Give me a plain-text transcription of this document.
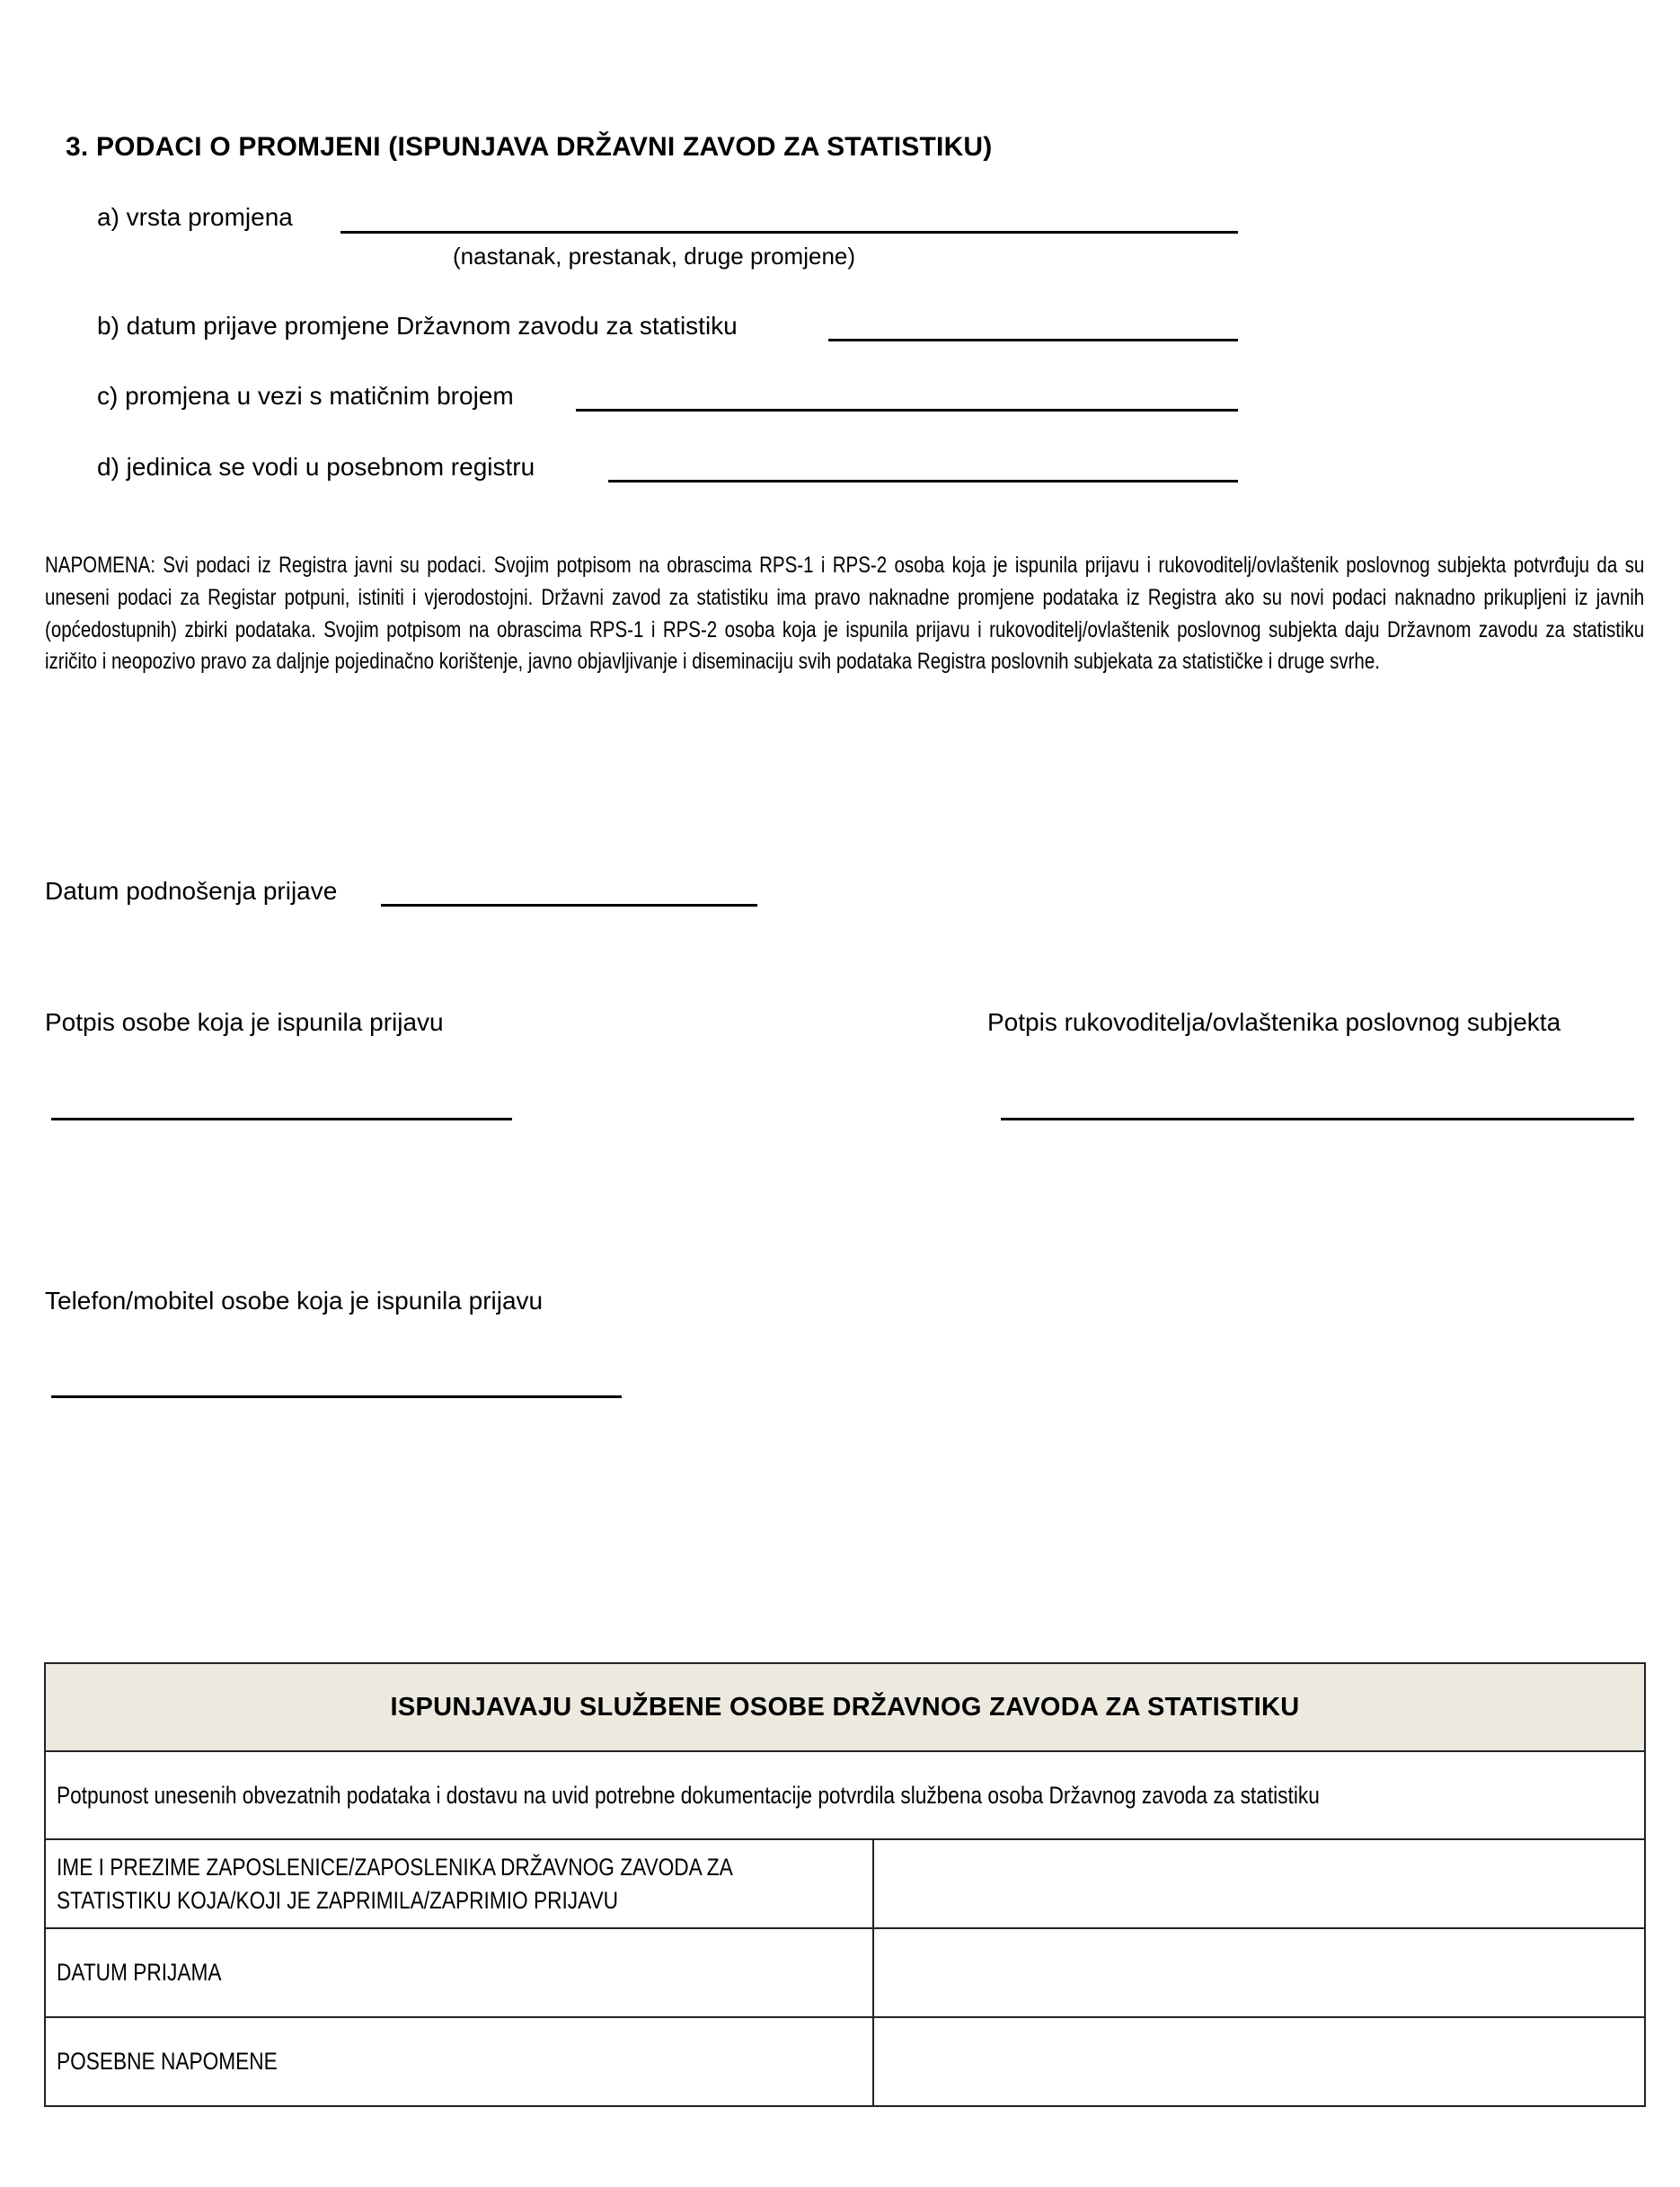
3. PODACI O PROMJENI (ISPUNJAVA DRŽAVNI ZAVOD ZA STATISTIKU)
a) vrsta promjena
(nastanak, prestanak, druge promjene)
b) datum prijave promjene Državnom zavodu za statistiku
c) promjena u vezi s matičnim brojem
d) jedinica se vodi u posebnom registru
NAPOMENA: Svi podaci iz Registra javni su podaci. Svojim potpisom na obrascima RPS-1 i RPS-2 osoba koja je ispunila prijavu i rukovoditelj/ovlaštenik poslovnog subjekta potvrđuju da su uneseni podaci za Registar potpuni, istiniti i vjerodostojni. Državni zavod za statistiku ima pravo naknadne promjene podataka iz Registra ako su novi podaci naknadno prikupljeni iz javnih (općedostupnih) zbirki podataka. Svojim potpisom na obrascima RPS-1 i RPS-2 osoba koja je ispunila prijavu i rukovoditelj/ovlaštenik poslovnog subjekta daju Državnom zavodu za statistiku izričito i neopozivo pravo za daljnje pojedinačno korištenje, javno objavljivanje i diseminaciju svih podataka Registra poslovnih subjekata za statističke i druge svrhe.
Datum podnošenja prijave
Potpis osobe koja je ispunila prijavu	Potpis rukovoditelja/ovlaštenika poslovnog subjekta
Telefon/mobitel osobe koja je ispunila prijavu
ISPUNJAVAJU SLUŽBENE OSOBE DRŽAVNOG ZAVODA ZA STATISTIKU	
Potpunost unesenih obvezatnih podataka i dostavu na uvid potrebne dokumentacije potvrdila službena osoba Državnog zavoda za statistiku	
IME I PREZIME ZAPOSLENICE/ZAPOSLENIKA DRŽAVNOG ZAVODA ZA
STATISTIKU KOJA/KOJI JE ZAPRIMILA/ZAPRIMIO PRIJAVU	
DATUM PRIJAMA	
POSEBNE NAPOMENE	
